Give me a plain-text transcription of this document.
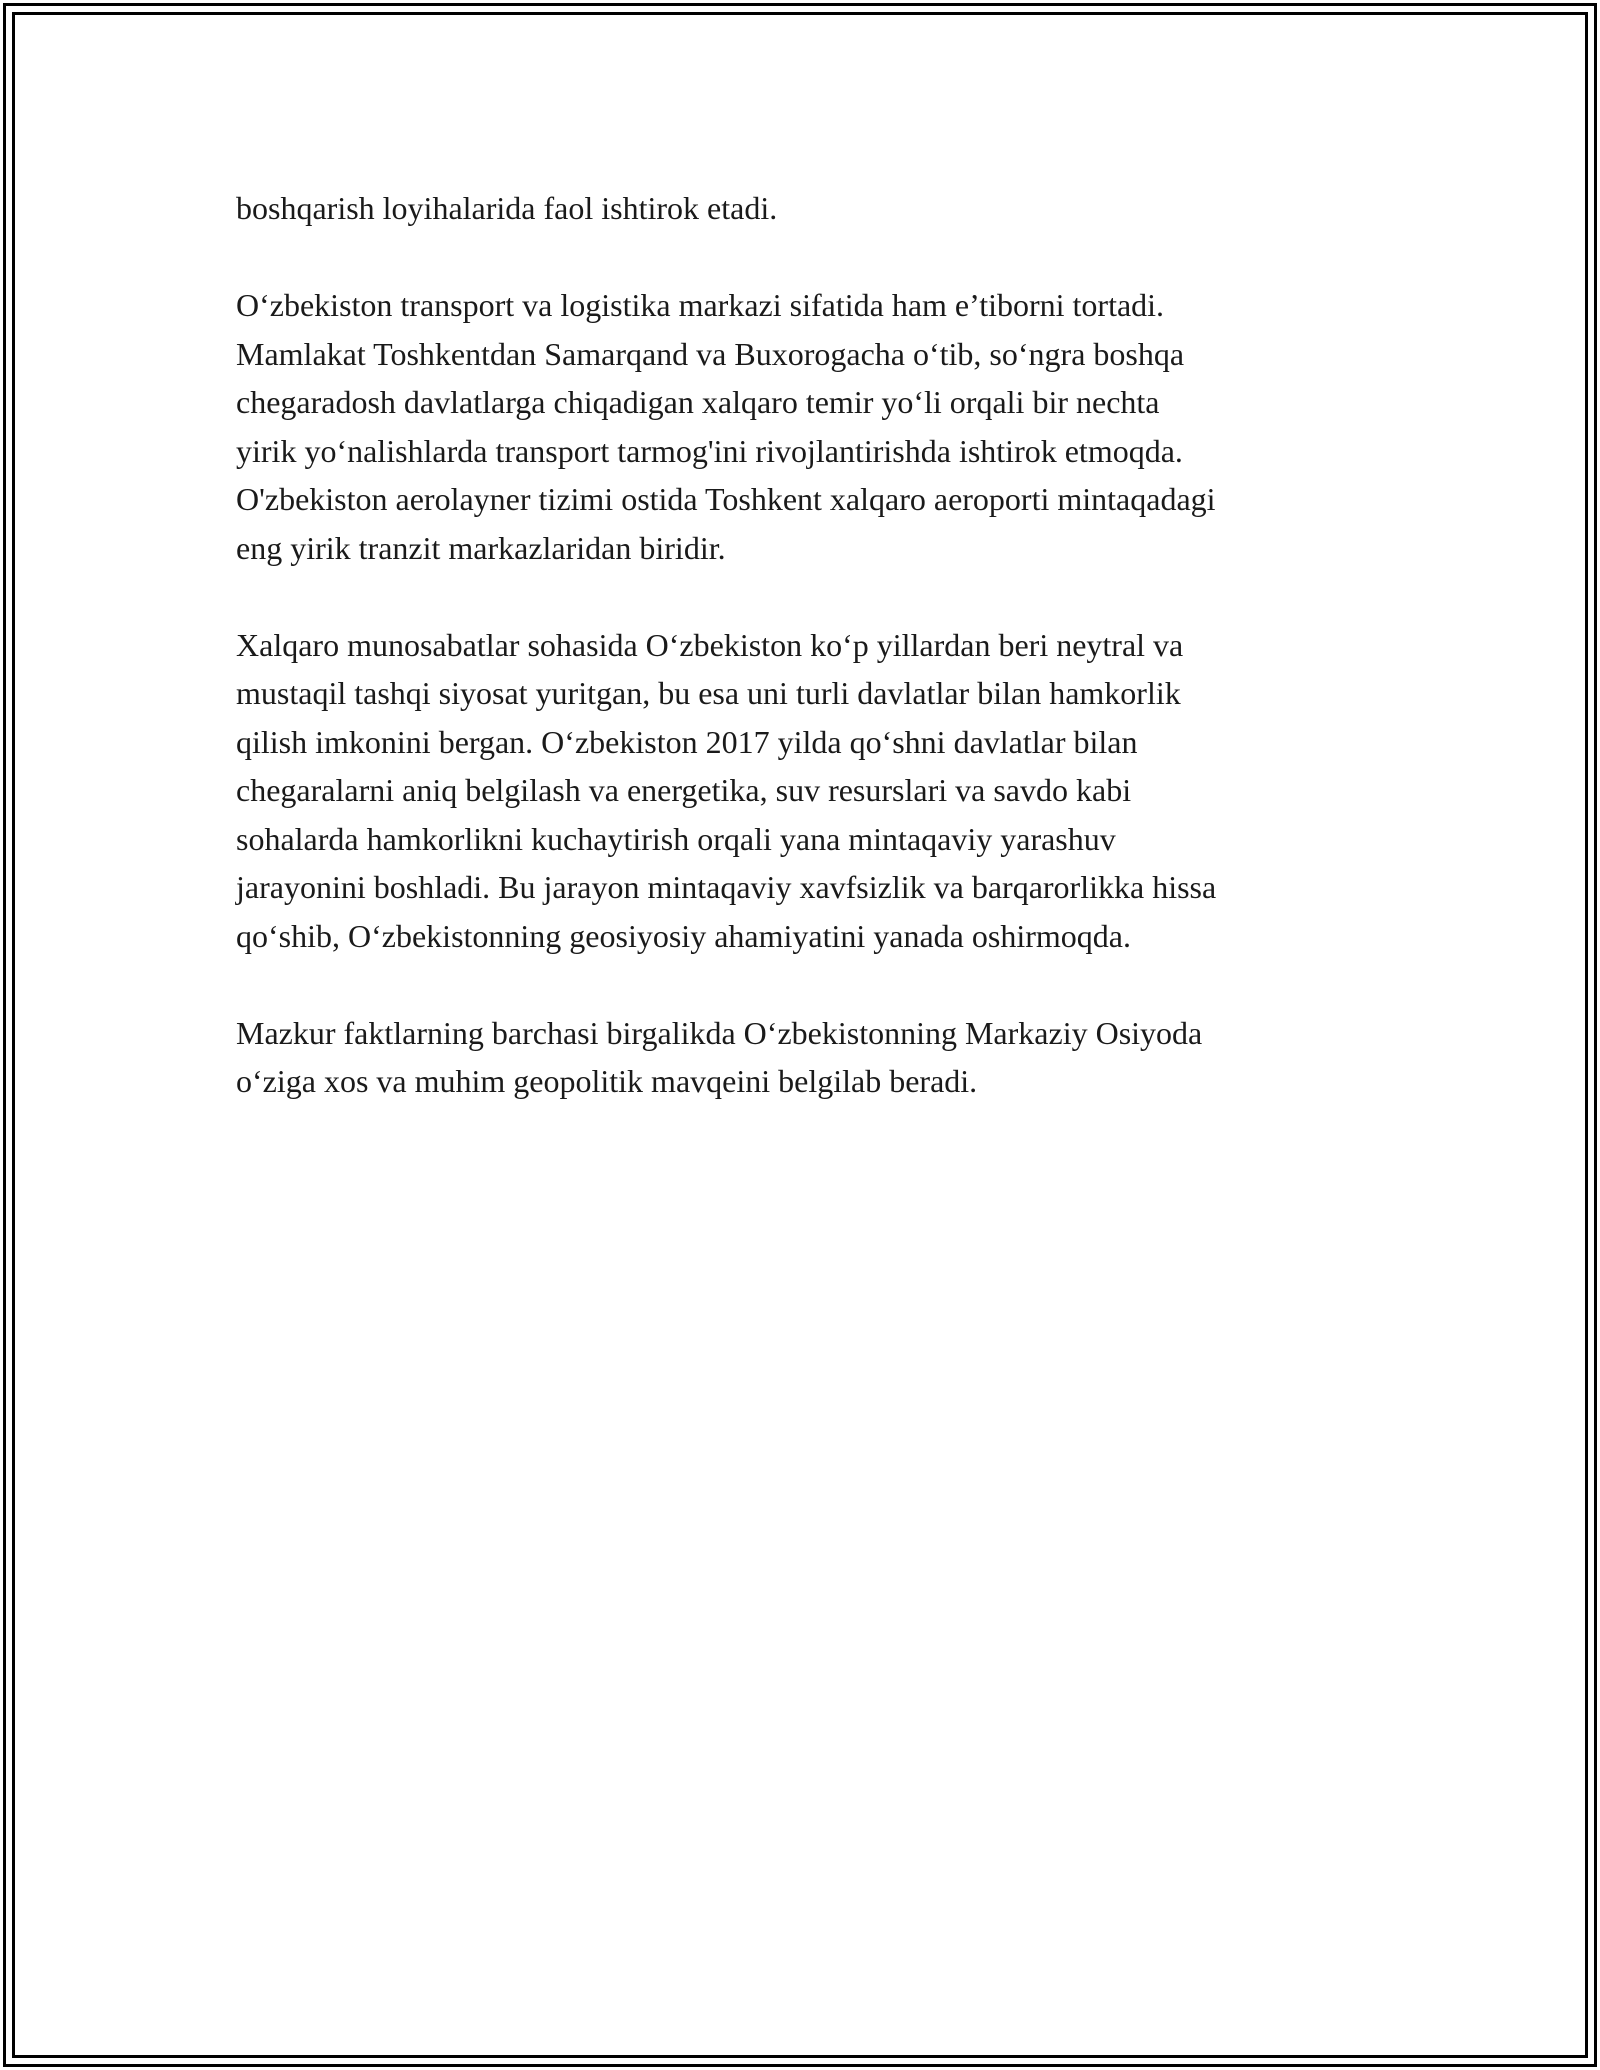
boshqarish loyihalarida faol ishtirok etadi.

O‘zbekiston transport va logistika markazi sifatida ham e’tiborni tortadi.
Mamlakat Toshkentdan Samarqand va Buxorogacha o‘tib, so‘ngra boshqa
chegaradosh davlatlarga chiqadigan xalqaro temir yo‘li orqali bir nechta
yirik yo‘nalishlarda transport tarmog'ini rivojlantirishda ishtirok etmoqda.
O'zbekiston aerolayner tizimi ostida Toshkent xalqaro aeroporti mintaqadagi
eng yirik tranzit markazlaridan biridir.

Xalqaro munosabatlar sohasida O‘zbekiston ko‘p yillardan beri neytral va
mustaqil tashqi siyosat yuritgan, bu esa uni turli davlatlar bilan hamkorlik
qilish imkonini bergan. O‘zbekiston 2017 yilda qo‘shni davlatlar bilan
chegaralarni aniq belgilash va energetika, suv resurslari va savdo kabi
sohalarda hamkorlikni kuchaytirish orqali yana mintaqaviy yarashuv
jarayonini boshladi. Bu jarayon mintaqaviy xavfsizlik va barqarorlikka hissa
qo‘shib, O‘zbekistonning geosiyosiy ahamiyatini yanada oshirmoqda.

Mazkur faktlarning barchasi birgalikda O‘zbekistonning Markaziy Osiyoda
o‘ziga xos va muhim geopolitik mavqeini belgilab beradi.
